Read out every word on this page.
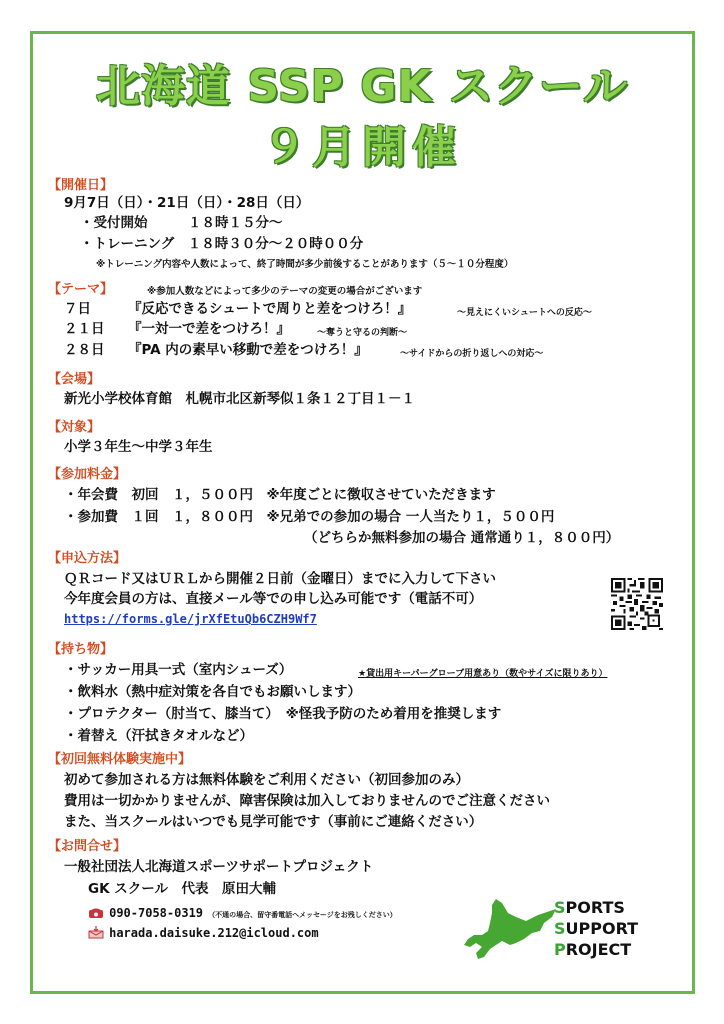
北海道 SSP GK スクール
９月開催
【開催日】
9月7日（日）・21日（日）・28日（日）
・受付開始　　　１８時１５分～
・トレーニング　１８時３０分～２０時００分
※トレーニング内容や人数によって、終了時間が多少前後することがあります（５～１０分程度）
【テーマ】	※参加人数などによって多少のテーマの変更の場合がございます
７日	『反応できるシュートで周りと差をつけろ！』	～見えにくいシュートへの反応～
２１日 『一対一で差をつけろ！』	～奪うと守るの判断～
２８日 『PA 内の素早い移動で差をつけろ！』	～サイドからの折り返しへの対応～
【会場】
新光小学校体育館　札幌市北区新琴似１条１２丁目１－１
【対象】
小学３年生～中学３年生
【参加料金】
・年会費　初回　１，５００円　※年度ごとに徴収させていただきます
・参加費　１回　１，８００円　※兄弟での参加の場合 一人当たり１，５００円
（どちらか無料参加の場合 通常通り１，８００円）
【申込方法】
ＱＲコード又はＵＲＬから開催２日前（金曜日）までに入力して下さい
今年度会員の方は、直接メール等での申し込み可能です（電話不可）
https://forms.gle/jrXfEtuQb6CZH9Wf7
【持ち物】
・サッカー用具一式（室内シューズ）	★貸出用キーパーグローブ用意あり（数やサイズに限りあり）
・飲料水（熱中症対策を各自でもお願いします）
・プロテクター（肘当て、膝当て）　※怪我予防のため着用を推奨します
・着替え（汗拭きタオルなど）
【初回無料体験実施中】
初めて参加される方は無料体験をご利用ください（初回参加のみ）
費用は一切かかりませんが、障害保険は加入しておりませんのでご注意ください
また、当スクールはいつでも見学可能です（事前にご連絡ください）
【お問合せ】
一般社団法人北海道スポーツサポートプロジェクト
GK スクール　代表　原田大輔
090-7058-0319 （不通の場合、留守番電話へメッセージをお残しください）
harada.daisuke.212@icloud.com
SPORTS
SUPPORT
PROJECT
